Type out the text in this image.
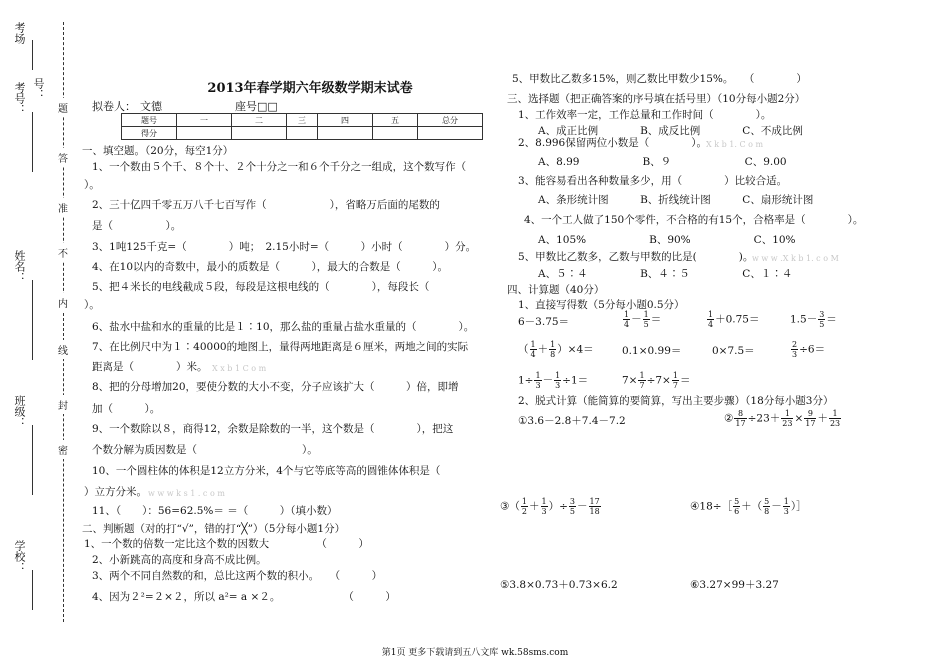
考场
号：
考号：
姓名：
班级：
学校：
题
答
准
不
内
线
封
密
2013年春学期六年级数学期末试卷
拟卷人： 文德	座号□□
题号	一	二	三	四	五	总分
得分						
一、填空题。（20分，每空1分）
1、一个数由５个千、８个十、２个十分之一和６个千分之一组成，这个数写作（
）。
2、三十亿四千零五万八千七百写作（　　　　　　），省略万后面的尾数的
是（　　　　　）。
3、1吨125千克=（　　　　）吨；　2.15小时=（　　　）小时（　　　　）分。
4、在10以内的奇数中，最小的质数是（　　　），最大的合数是（　　　）。
5、把４米长的电线截成５段，每段是这根电线的（　　　　），每段长（
）。
6、盐水中盐和水的重量的比是１∶10，那么盐的重量占盐水重量的（　　　　）。
7、在比例尺中为１∶40000的地图上，量得两地距离是６厘米，两地之间的实际
距离是（　　　　）米。 X x b 1 C o m
8、把的分母增加20，要使分数的大小不变，分子应该扩大（　　　）倍，即增
加（　　　）。
9、一个数除以８，商得12，余数是除数的一半，这个数是（　　　　），把这
个数分解为质因数是（　　　　　　　　　　）。
10、一个圆柱体的体积是12立方分米，4个与它等底等高的圆锥体体积是（
）立方分米。 w w w k s 1 . c o m
11、（　　）：56=62.5%＝ ＝（　　　）（填小数）
二、判断题（对的打“√”，错的打“╳”）（5分每小题1分）
1、一个数的倍数一定比这个数的因数大　　　　　（　　　）
2、小新跳高的高度和身高不成比例。
3、两个不同自然数的和，总比这两个数的积小。　　（　　　）
4、因为２²=２×２，所以 a²= a ×２。　　　　　　　（　　　）
5、甲数比乙数多15%，则乙数比甲数少15%。　　（　　　　）
三、选择题（把正确答案的序号填在括号里）（10分每小题2分）
1、工作效率一定，工作总量和工作时间（　　　　）。
A、成正比例　　　　B、成反比例　　　　C、不成比例
2、8.996保留两位小数是（　　　　）。 X k b 1. C o m
A、8.99　　　　　　B、９　　　　　　　C、9.00
3、能容易看出各种数量多少，用（　　　　）比较合适。
A、条形统计图　　　B、折线统计图　　　C、扇形统计图
4、一个工人做了150个零件，不合格的有15个，合格率是（　　　　）。
A、105%　　　　　　B、90%　　　　　　C、10%
5、甲数比乙数多，乙数与甲数的比是(　　　　)。
w w w .X k b 1. c o M
A、５∶４　　　　　B、４∶５　　　　　C、１∶４
四、计算题（40分）
1、直接写得数（5分每小题0.5分）
6－3.75＝	$\frac{1}{4} - \frac{1}{5}$ ＝	$\frac{1}{4} +0.75=$	$1.5- \frac{3}{5}$ ＝
（ $\frac{1}{4} + \frac{1}{8} )\times 4=$	0.1×0.99＝	0×7.5＝	$\frac{2}{3} \div 6=$
$1\div \frac{1}{3} - \frac{1}{3} \div 1=$	$7\times \frac{1}{7} \div 7\times \frac{1}{7}$ ＝
2、脱式计算（能简算的要简算，写出主要步骤）（18分每小题3分）
①3.6－2.8＋7.4－7.2	② $\frac{8}{17} \div 23+ \frac{1}{23} \times \frac{9}{17} + \frac{1}{23}$
③（ $\frac{1}{2} + \frac{1}{3}$ ）÷ $\frac{3}{5} - \frac{17}{18}$	④18÷［ $\frac{5}{6}$ ＋（ $\frac{5}{8} - \frac{1}{3}$ ）］
⑤3.8×0.73＋0.73×6.2	⑥3.27×99＋3.27
第1页 更多下载请到五八文库 wk.58sms.com
